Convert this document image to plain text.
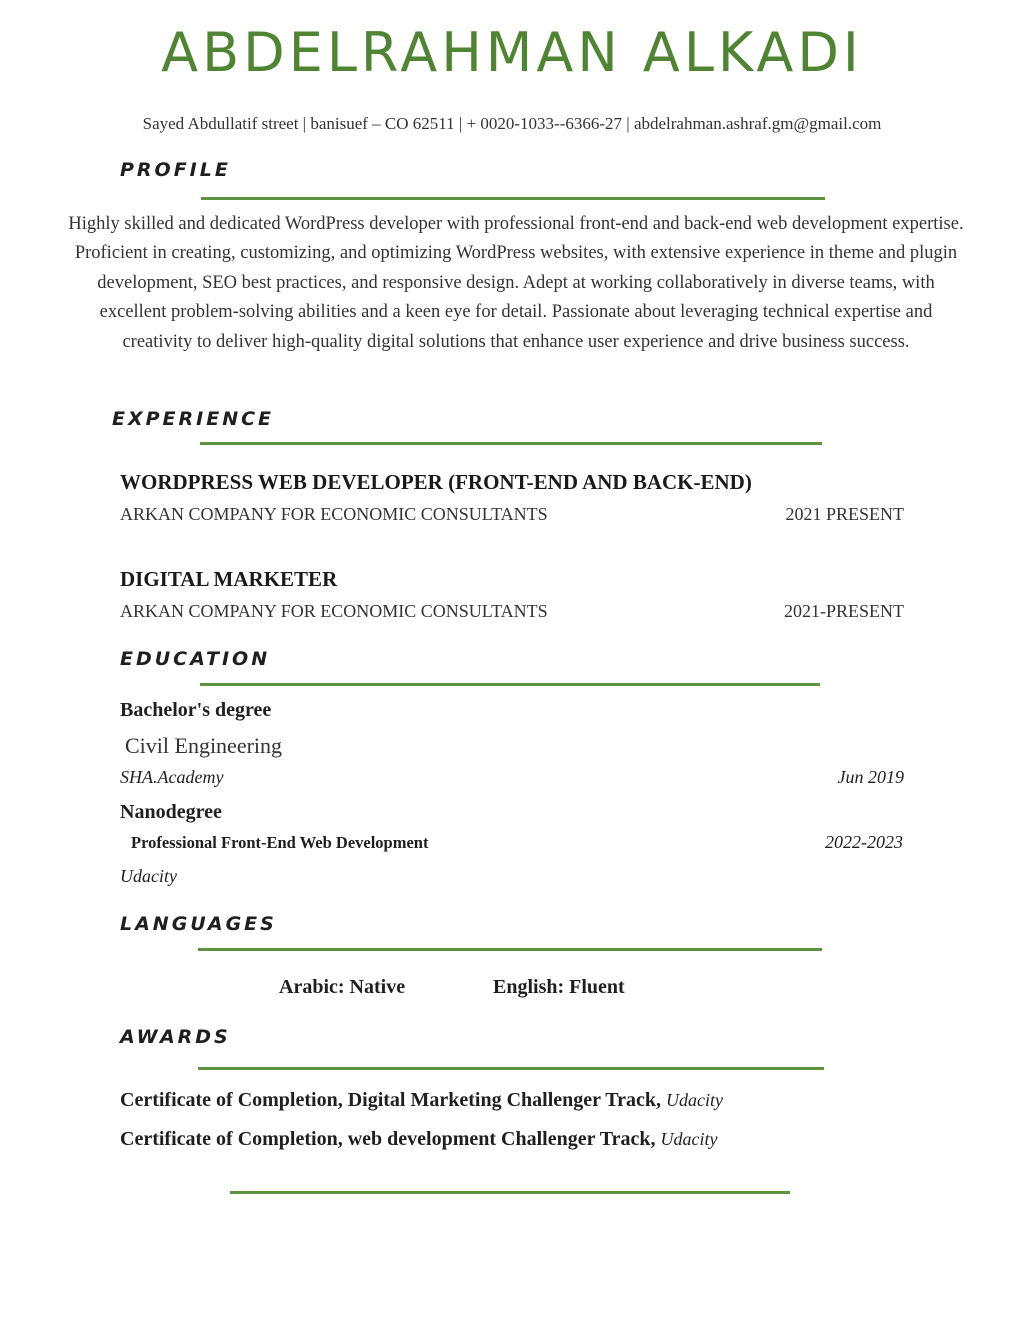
ABDELRAHMAN ALKADI
Sayed Abdullatif street | banisuef – CO 62511 | + 0020-1033--6366-27 | abdelrahman.ashraf.gm@gmail.com
PROFILE
Highly skilled and dedicated WordPress developer with professional front-end and back-end web development expertise. Proficient in creating, customizing, and optimizing WordPress websites, with extensive experience in theme and plugin development, SEO best practices, and responsive design. Adept at working collaboratively in diverse teams, with excellent problem-solving abilities and a keen eye for detail. Passionate about leveraging technical expertise and creativity to deliver high-quality digital solutions that enhance user experience and drive business success.
EXPERIENCE
WORDPRESS WEB DEVELOPER (FRONT-END AND BACK-END)
ARKAN COMPANY FOR ECONOMIC CONSULTANTS	2021 PRESENT
DIGITAL MARKETER
ARKAN COMPANY FOR ECONOMIC CONSULTANTS	2021-PRESENT
EDUCATION
Bachelor's degree
Civil Engineering
SHA.Academy	Jun 2019
Nanodegree
Professional Front-End Web Development	2022-2023
Udacity
LANGUAGES
Arabic: Native	English: Fluent
AWARDS
Certificate of Completion, Digital Marketing Challenger Track, Udacity
Certificate of Completion, web development Challenger Track, Udacity
